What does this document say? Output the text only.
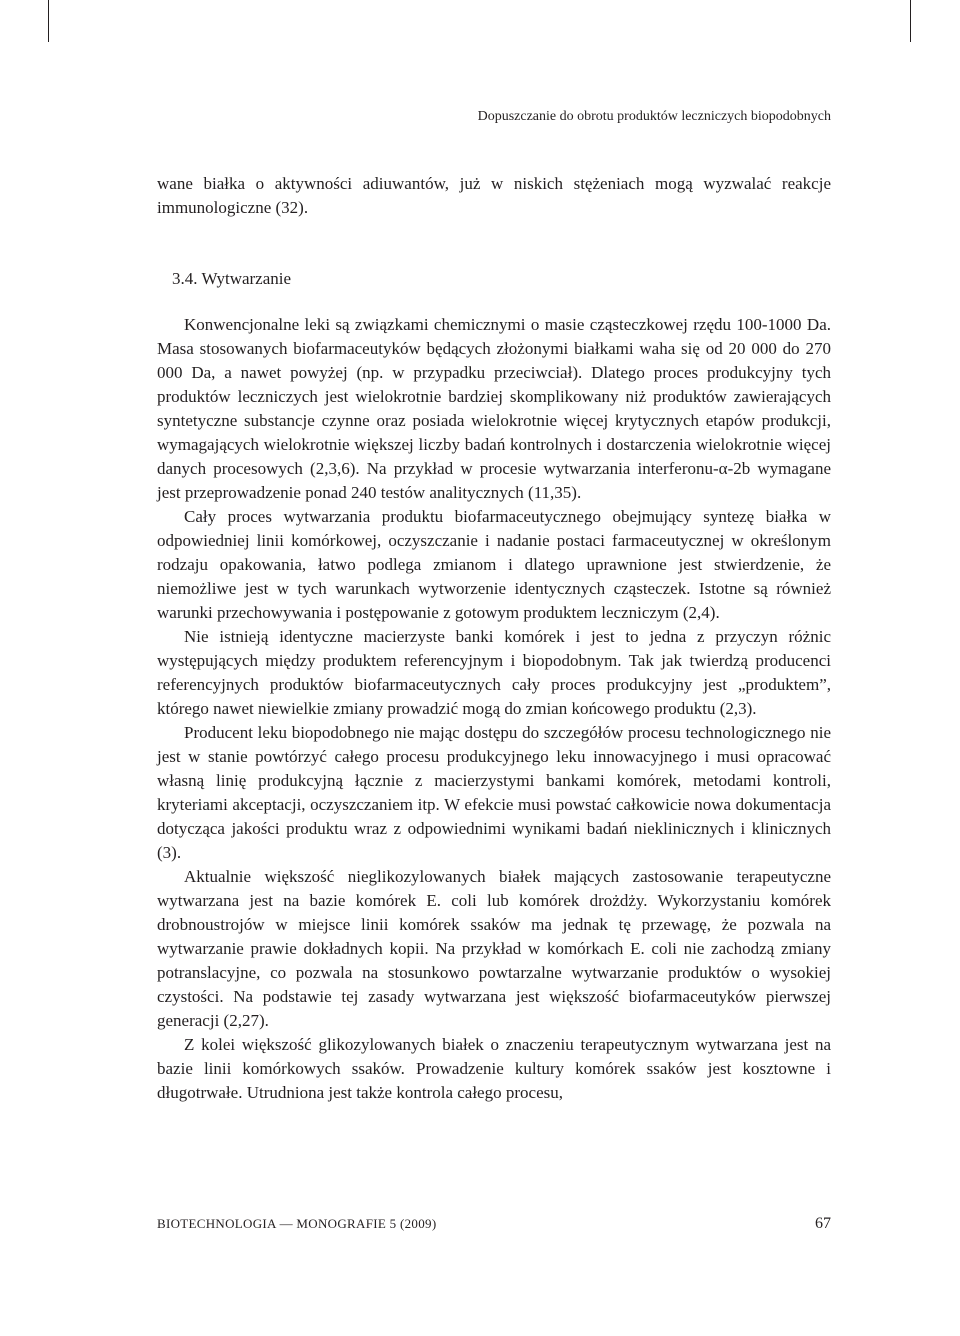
Dopuszczanie do obrotu produktów leczniczych biopodobnych

wane białka o aktywności adiuwantów, już w niskich stężeniach mogą wyzwalać reakcje immunologiczne (32).

3.4. Wytwarzanie

Konwencjonalne leki są związkami chemicznymi o masie cząsteczkowej rzędu 100-1000 Da. Masa stosowanych biofarmaceutyków będących złożonymi białkami waha się od 20 000 do 270 000 Da, a nawet powyżej (np. w przypadku przeciwciał). Dlatego proces produkcyjny tych produktów leczniczych jest wielokrotnie bardziej skomplikowany niż produktów zawierających syntetyczne substancje czynne oraz posiada wielokrotnie więcej krytycznych etapów produkcji, wymagających wielokrotnie większej liczby badań kontrolnych i dostarczenia wielokrotnie więcej danych procesowych (2,3,6). Na przykład w procesie wytwarzania interferonu-α-2b wymagane jest przeprowadzenie ponad 240 testów analitycznych (11,35).

Cały proces wytwarzania produktu biofarmaceutycznego obejmujący syntezę białka w odpowiedniej linii komórkowej, oczyszczanie i nadanie postaci farmaceutycznej w określonym rodzaju opakowania, łatwo podlega zmianom i dlatego uprawnione jest stwierdzenie, że niemożliwe jest w tych warunkach wytworzenie identycznych cząsteczek. Istotne są również warunki przechowywania i postępowanie z gotowym produktem leczniczym (2,4).

Nie istnieją identyczne macierzyste banki komórek i jest to jedna z przyczyn różnic występujących między produktem referencyjnym i biopodobnym. Tak jak twierdzą producenci referencyjnych produktów biofarmaceutycznych cały proces produkcyjny jest „produktem”, którego nawet niewielkie zmiany prowadzić mogą do zmian końcowego produktu (2,3).

Producent leku biopodobnego nie mając dostępu do szczegółów procesu technologicznego nie jest w stanie powtórzyć całego procesu produkcyjnego leku innowacyjnego i musi opracować własną linię produkcyjną łącznie z macierzystymi bankami komórek, metodami kontroli, kryteriami akceptacji, oczyszczaniem itp. W efekcie musi powstać całkowicie nowa dokumentacja dotycząca jakości produktu wraz z odpowiednimi wynikami badań nieklinicznych i klinicznych (3).

Aktualnie większość nieglikozylowanych białek mających zastosowanie terapeutyczne wytwarzana jest na bazie komórek E. coli lub komórek drożdży. Wykorzystaniu komórek drobnoustrojów w miejsce linii komórek ssaków ma jednak tę przewagę, że pozwala na wytwarzanie prawie dokładnych kopii. Na przykład w komórkach E. coli nie zachodzą zmiany potranslacyjne, co pozwala na stosunkowo powtarzalne wytwarzanie produktów o wysokiej czystości. Na podstawie tej zasady wytwarzana jest większość biofarmaceutyków pierwszej generacji (2,27).

Z kolei większość glikozylowanych białek o znaczeniu terapeutycznym wytwarzana jest na bazie linii komórkowych ssaków. Prowadzenie kultury komórek ssaków jest kosztowne i długotrwałe. Utrudniona jest także kontrola całego procesu,

BIOTECHNOLOGIA — MONOGRAFIE 5 (2009)	67
